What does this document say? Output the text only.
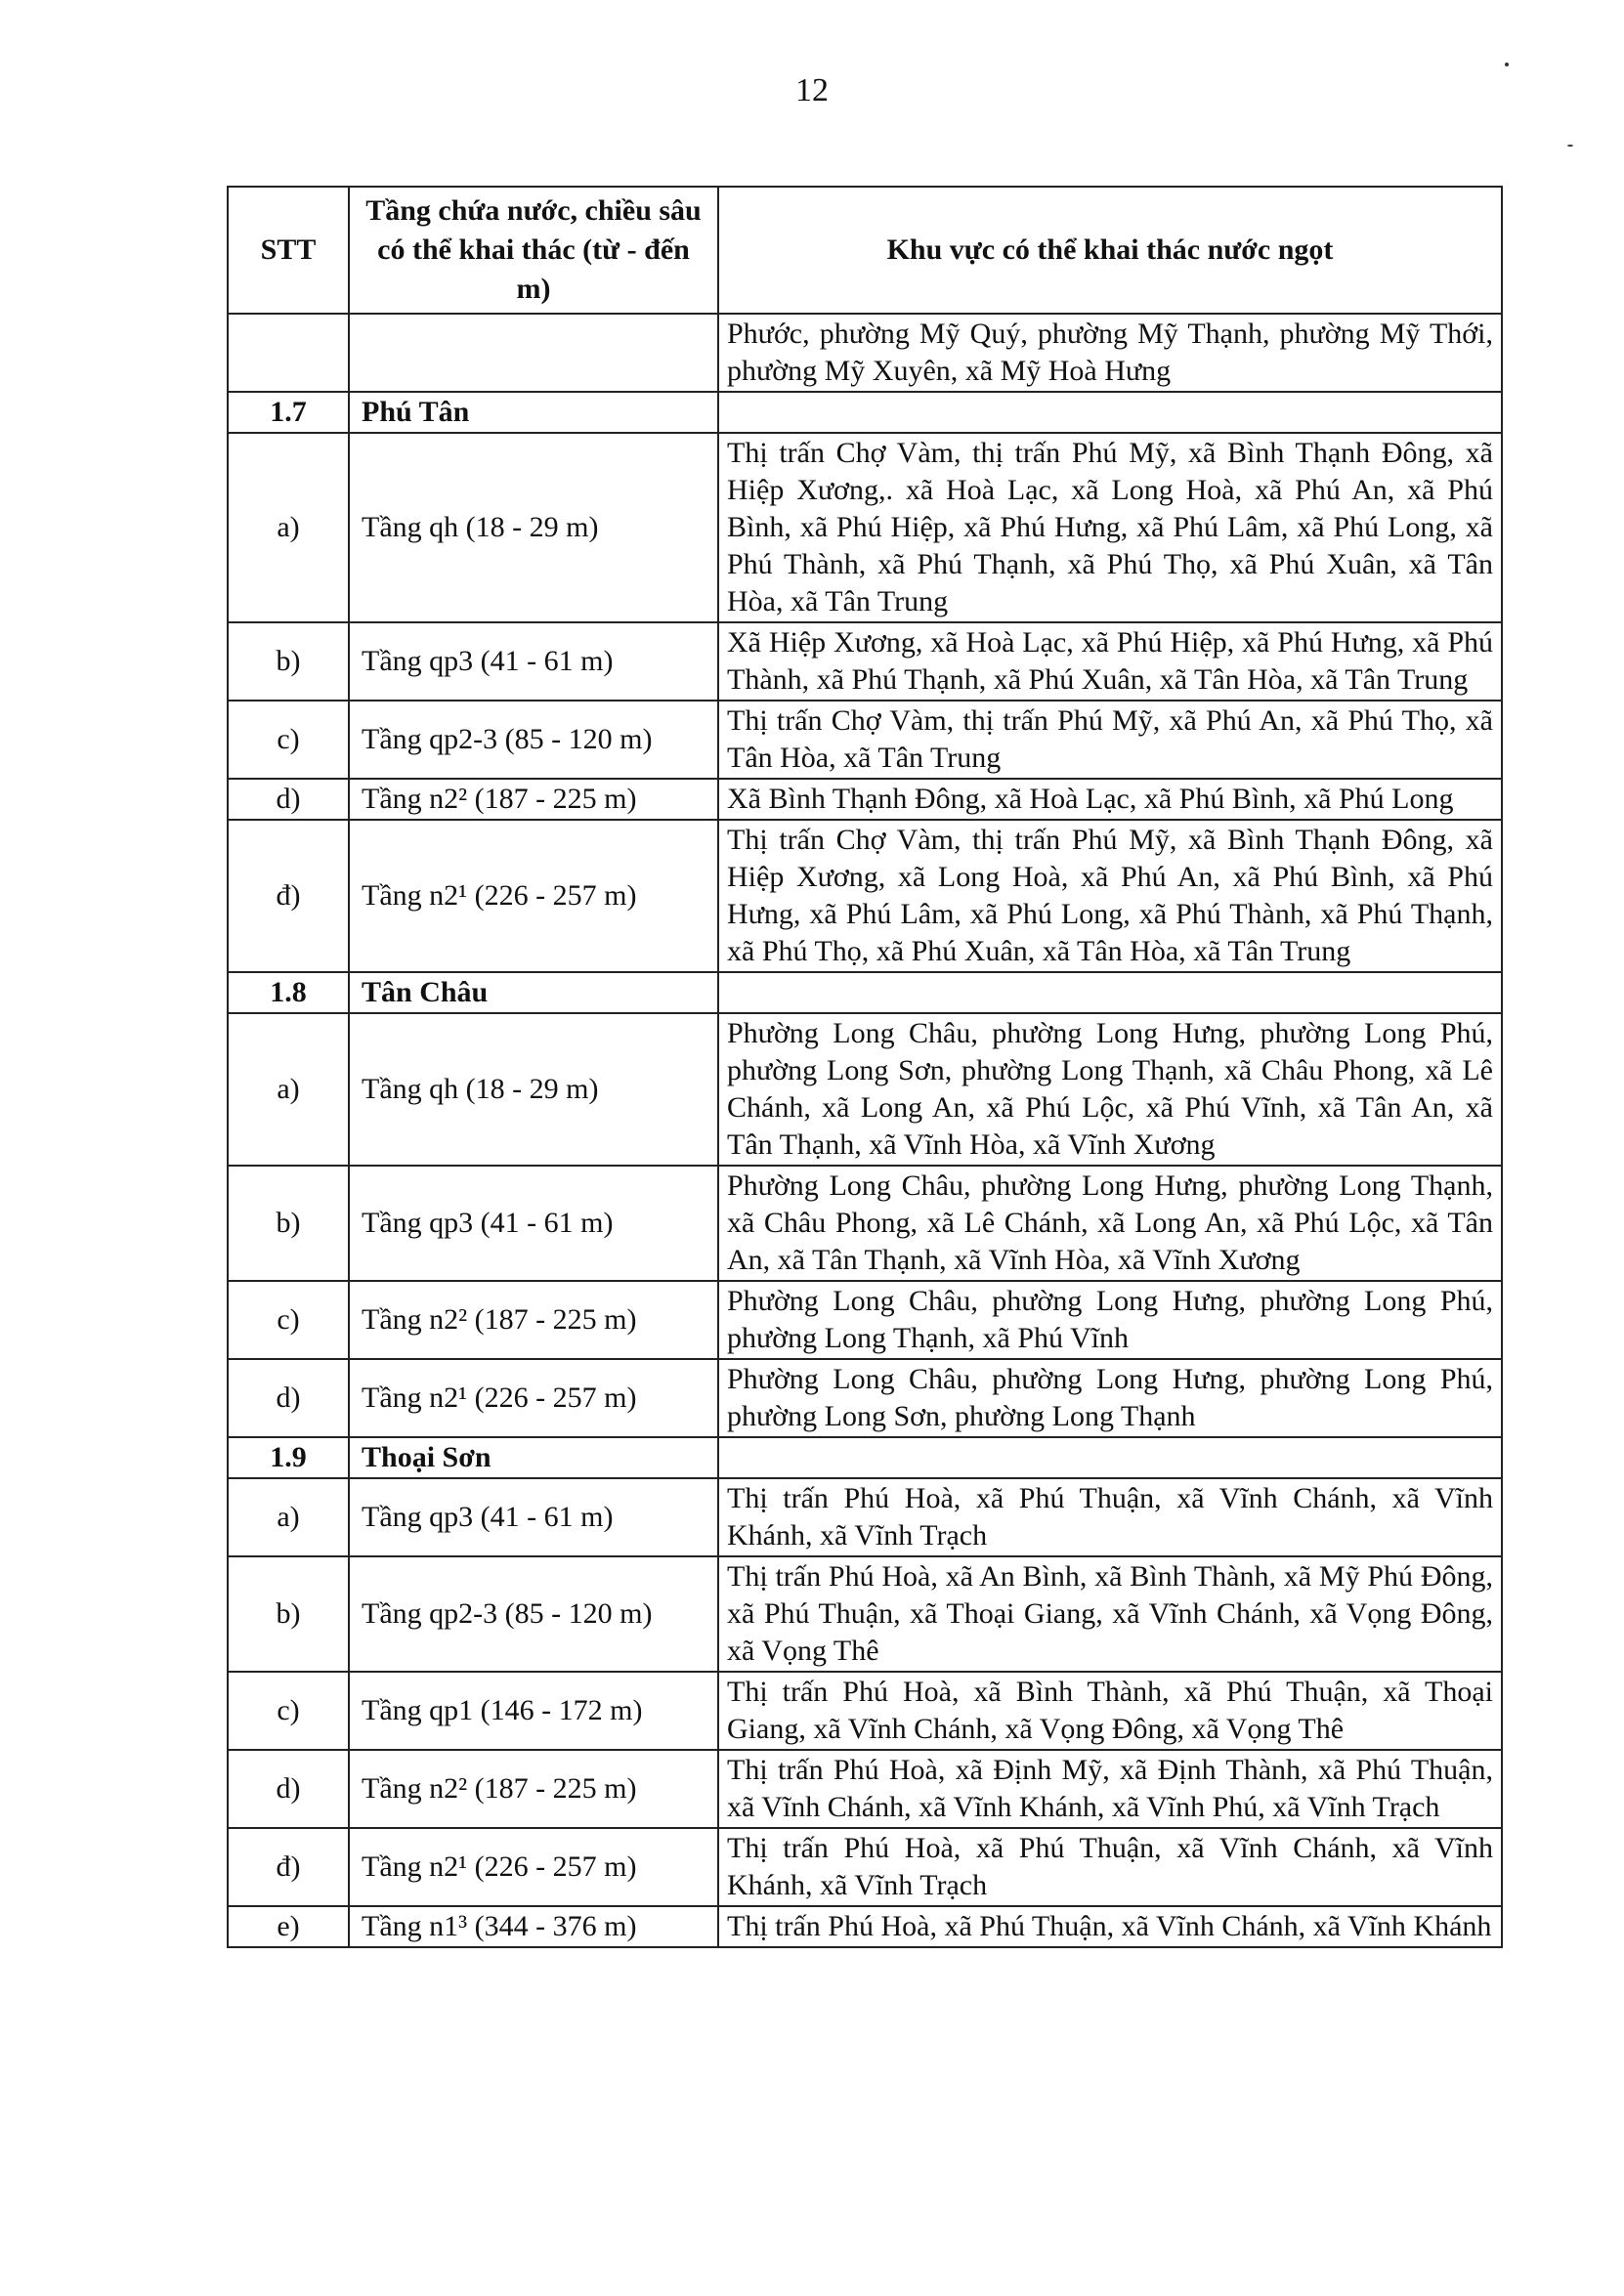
12
STT	Tầng chứa nước, chiều sâu có thể khai thác (từ - đến m)	Khu vực có thể khai thác nước ngọt
		Phước, phường Mỹ Quý, phường Mỹ Thạnh, phường Mỹ Thới, phường Mỹ Xuyên, xã Mỹ Hoà Hưng
1.7	Phú Tân	
a)	Tầng qh (18 - 29 m)	Thị trấn Chợ Vàm, thị trấn Phú Mỹ, xã Bình Thạnh Đông, xã Hiệp Xương,. xã Hoà Lạc, xã Long Hoà, xã Phú An, xã Phú Bình, xã Phú Hiệp, xã Phú Hưng, xã Phú Lâm, xã Phú Long, xã Phú Thành, xã Phú Thạnh, xã Phú Thọ, xã Phú Xuân, xã Tân Hòa, xã Tân Trung
b)	Tầng qp3 (41 - 61 m)	Xã Hiệp Xương, xã Hoà Lạc, xã Phú Hiệp, xã Phú Hưng, xã Phú Thành, xã Phú Thạnh, xã Phú Xuân, xã Tân Hòa, xã Tân Trung
c)	Tầng qp2-3 (85 - 120 m)	Thị trấn Chợ Vàm, thị trấn Phú Mỹ, xã Phú An, xã Phú Thọ, xã Tân Hòa, xã Tân Trung
d)	Tầng n2² (187 - 225 m)	Xã Bình Thạnh Đông, xã Hoà Lạc, xã Phú Bình, xã Phú Long
đ)	Tầng n2¹ (226 - 257 m)	Thị trấn Chợ Vàm, thị trấn Phú Mỹ, xã Bình Thạnh Đông, xã Hiệp Xương, xã Long Hoà, xã Phú An, xã Phú Bình, xã Phú Hưng, xã Phú Lâm, xã Phú Long, xã Phú Thành, xã Phú Thạnh, xã Phú Thọ, xã Phú Xuân, xã Tân Hòa, xã Tân Trung
1.8	Tân Châu	
a)	Tầng qh (18 - 29 m)	Phường Long Châu, phường Long Hưng, phường Long Phú, phường Long Sơn, phường Long Thạnh, xã Châu Phong, xã Lê Chánh, xã Long An, xã Phú Lộc, xã Phú Vĩnh, xã Tân An, xã Tân Thạnh, xã Vĩnh Hòa, xã Vĩnh Xương
b)	Tầng qp3 (41 - 61 m)	Phường Long Châu, phường Long Hưng, phường Long Thạnh, xã Châu Phong, xã Lê Chánh, xã Long An, xã Phú Lộc, xã Tân An, xã Tân Thạnh, xã Vĩnh Hòa, xã Vĩnh Xương
c)	Tầng n2² (187 - 225 m)	Phường Long Châu, phường Long Hưng, phường Long Phú, phường Long Thạnh, xã Phú Vĩnh
d)	Tầng n2¹ (226 - 257 m)	Phường Long Châu, phường Long Hưng, phường Long Phú, phường Long Sơn, phường Long Thạnh
1.9	Thoại Sơn	
a)	Tầng qp3 (41 - 61 m)	Thị trấn Phú Hoà, xã Phú Thuận, xã Vĩnh Chánh, xã Vĩnh Khánh, xã Vĩnh Trạch
b)	Tầng qp2-3 (85 - 120 m)	Thị trấn Phú Hoà, xã An Bình, xã Bình Thành, xã Mỹ Phú Đông, xã Phú Thuận, xã Thoại Giang, xã Vĩnh Chánh, xã Vọng Đông, xã Vọng Thê
c)	Tầng qp1 (146 - 172 m)	Thị trấn Phú Hoà, xã Bình Thành, xã Phú Thuận, xã Thoại Giang, xã Vĩnh Chánh, xã Vọng Đông, xã Vọng Thê
d)	Tầng n2² (187 - 225 m)	Thị trấn Phú Hoà, xã Định Mỹ, xã Định Thành, xã Phú Thuận, xã Vĩnh Chánh, xã Vĩnh Khánh, xã Vĩnh Phú, xã Vĩnh Trạch
đ)	Tầng n2¹ (226 - 257 m)	Thị trấn Phú Hoà, xã Phú Thuận, xã Vĩnh Chánh, xã Vĩnh Khánh, xã Vĩnh Trạch
e)	Tầng n1³ (344 - 376 m)	Thị trấn Phú Hoà, xã Phú Thuận, xã Vĩnh Chánh, xã Vĩnh Khánh
